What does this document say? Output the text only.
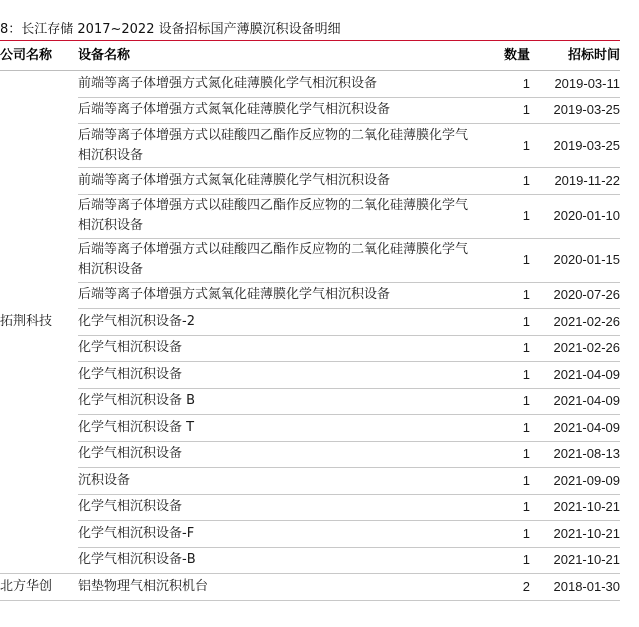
8：长江存储 2017~2022 设备招标国产薄膜沉积设备明细
公司名称	设备名称	数量	招标时间
拓荆科技	前端等离子体增强方式氮化硅薄膜化学气相沉积设备	1	2019-03-11
	后端等离子体增强方式氮氧化硅薄膜化学气相沉积设备	1	2019-03-25
	后端等离子体增强方式以硅酸四乙酯作反应物的二氧化硅薄膜化学气相沉积设备	1	2019-03-25
	前端等离子体增强方式氮氧化硅薄膜化学气相沉积设备	1	2019-11-22
	后端等离子体增强方式以硅酸四乙酯作反应物的二氧化硅薄膜化学气相沉积设备	1	2020-01-10
	后端等离子体增强方式以硅酸四乙酯作反应物的二氧化硅薄膜化学气相沉积设备	1	2020-01-15
	后端等离子体增强方式氮氧化硅薄膜化学气相沉积设备	1	2020-07-26
	化学气相沉积设备-2	1	2021-02-26
	化学气相沉积设备	1	2021-02-26
	化学气相沉积设备	1	2021-04-09
	化学气相沉积设备 B	1	2021-04-09
	化学气相沉积设备 T	1	2021-04-09
	化学气相沉积设备	1	2021-08-13
	沉积设备	1	2021-09-09
	化学气相沉积设备	1	2021-10-21
	化学气相沉积设备-F	1	2021-10-21
	化学气相沉积设备-B	1	2021-10-21
北方华创	铝垫物理气相沉积机台	2	2018-01-30
